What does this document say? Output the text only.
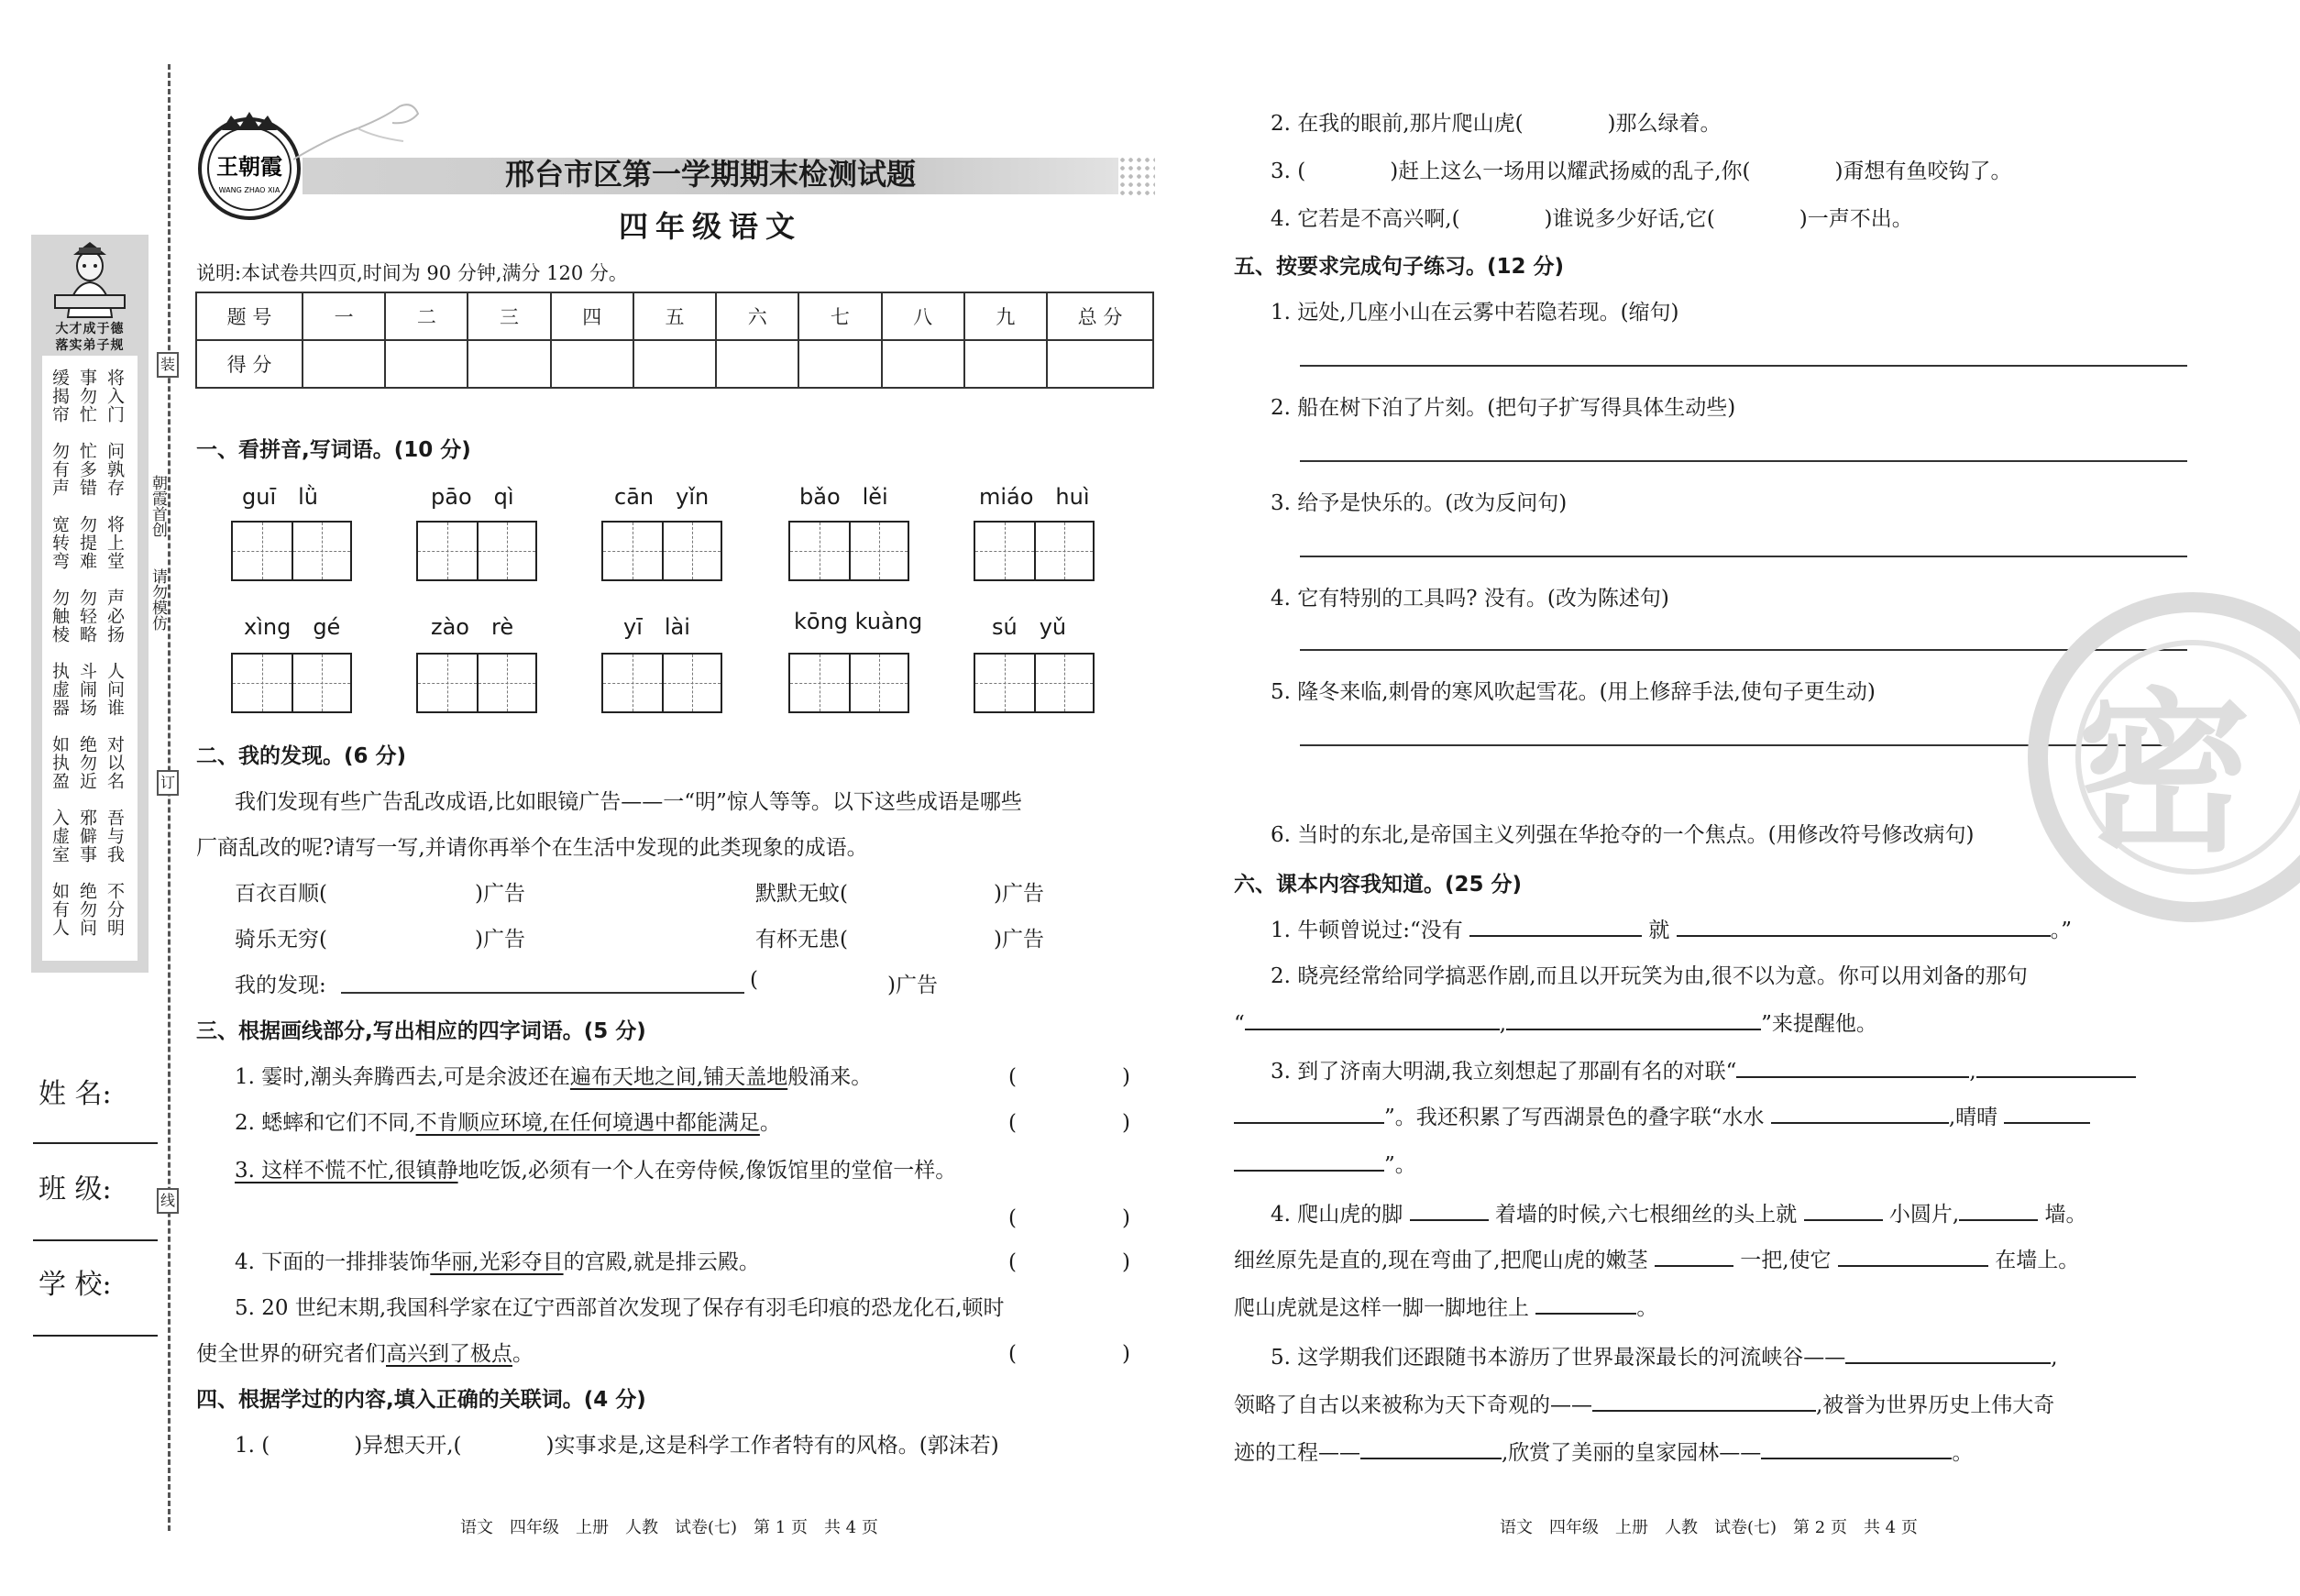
装
订
线
朝霞首创
请勿模仿
大才成于德
落实弟子规
将入门
事勿忙
缓揭帘
问孰存
忙多错
勿有声
将上堂
勿提难
宽转弯
声必扬
勿轻略
勿触棱
人问谁
斗闹场
执虚器
对以名
绝勿近
如执盈
吾与我
邪僻事
入虚室
不分明
绝勿问
如有人
姓 名:
班 级:
学 校:
王朝霞
WANG ZHAO XIA	邢台市区第一学期期末检测试题
四年级语文
说明:本试卷共四页,时间为 90 分钟,满分 120 分。
题 号	一	二	三	四	五	六	七	八	九	总 分
得 分										
一、看拼音,写词语。(10 分)
guī　lǜ	pāo　qì	cān　yǐn	bǎo　lěi	miáo　huì
xìng　gé	zào　rè	yī　lài	kōng kuàng	sú　yǔ
二、我的发现。(6 分)
我们发现有些广告乱改成语,比如眼镜广告——一“明”惊人等等。以下这些成语是哪些
厂商乱改的呢?请写一写,并请你再举个在生活中发现的此类现象的成语。
百衣百顺(	)广告	默默无蚊(	)广告
骑乐无穷(	)广告	有杯无患(	)广告
我的发现:	(	)广告
三、根据画线部分,写出相应的四字词语。(5 分)
1. 霎时,潮头奔腾西去,可是余波还在遍布天地之间,铺天盖地般涌来。	(　　　　　)
2. 蟋蟀和它们不同,不肯顺应环境,在任何境遇中都能满足。	(　　　　　)
3. 这样不慌不忙,很镇静地吃饭,必须有一个人在旁侍候,像饭馆里的堂倌一样。
(　　　　　)
4. 下面的一排排装饰华丽,光彩夺目的宫殿,就是排云殿。	(　　　　　)
5. 20 世纪末期,我国科学家在辽宁西部首次发现了保存有羽毛印痕的恐龙化石,顿时
使全世界的研究者们高兴到了极点。	(　　　　　)
四、根据学过的内容,填入正确的关联词。(4 分)
1. (　　　　)异想天开,(　　　　)实事求是,这是科学工作者特有的风格。(郭沫若)
2. 在我的眼前,那片爬山虎(　　　　)那么绿着。
3. (　　　　)赶上这么一场用以耀武扬威的乱子,你(　　　　)甭想有鱼咬钩了。
4. 它若是不高兴啊,(　　　　)谁说多少好话,它(　　　　)一声不出。
五、按要求完成句子练习。(12 分)
1. 远处,几座小山在云雾中若隐若现。(缩句)
2. 船在树下泊了片刻。(把句子扩写得具体生动些)
3. 给予是快乐的。(改为反问句)
4. 它有特别的工具吗? 没有。(改为陈述句)
5. 隆冬来临,刺骨的寒风吹起雪花。(用上修辞手法,使句子更生动)
6. 当时的东北,是帝国主义列强在华抢夺的一个焦点。(用修改符号修改病句)
六、课本内容我知道。(25 分)
1. 牛顿曾说过:“没有	就	。”
2. 晓亮经常给同学搞恶作剧,而且以开玩笑为由,很不以为意。你可以用刘备的那句
“	,	”来提醒他。
3. 到了济南大明湖,我立刻想起了那副有名的对联“	,
”。我还积累了写西湖景色的叠字联“水水	,晴晴
”。
4. 爬山虎的脚	着墙的时候,六七根细丝的头上就	小圆片,	墙。
细丝原先是直的,现在弯曲了,把爬山虎的嫩茎	一把,使它	在墙上。
爬山虎就是这样一脚一脚地往上	。
5. 这学期我们还跟随书本游历了世界最深最长的河流峡谷——	,
领略了自古以来被称为天下奇观的——	,被誉为世界历史上伟大奇
迹的工程——	,欣赏了美丽的皇家园林——	。
密
语文　四年级　上册　人教　试卷(七)　第 1 页　共 4 页	语文　四年级　上册　人教　试卷(七)　第 2 页　共 4 页
